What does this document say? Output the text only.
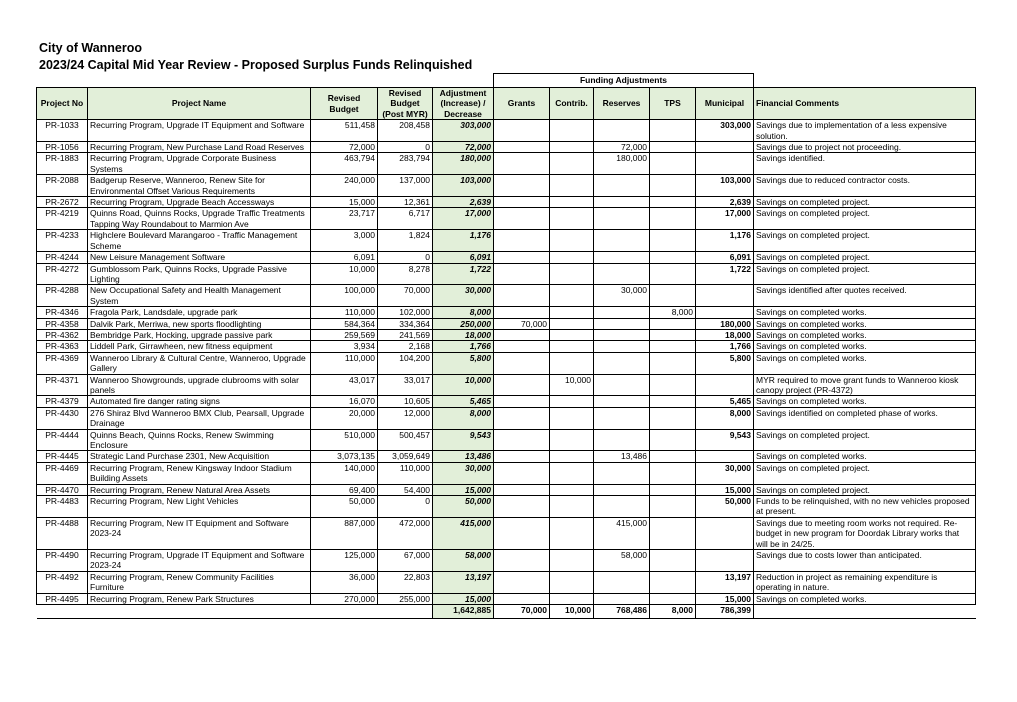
City of Wanneroo
2023/24 Capital Mid Year Review - Proposed Surplus Funds Relinquished
					Funding Adjustments					
Project No	Project Name	Revised Budget	Revised Budget (Post MYR)	Adjustment (Increase) / Decrease	Grants	Contrib.	Reserves	TPS	Municipal	Financial Comments
PR-1033	Recurring Program, Upgrade IT Equipment and Software	511,458	208,458	303,000					303,000	Savings due to implementation of a less expensive solution.
PR-1056	Recurring Program, New Purchase Land Road Reserves	72,000	0	72,000			72,000			Savings due to project not proceeding.
PR-1883	Recurring Program, Upgrade Corporate Business Systems	463,794	283,794	180,000			180,000			Savings identified.
PR-2088	Badgerup Reserve, Wanneroo, Renew Site for Environmental Offset Various Requirements	240,000	137,000	103,000					103,000	Savings due to reduced contractor costs.
PR-2672	Recurring Program, Upgrade Beach Accessways	15,000	12,361	2,639					2,639	Savings on completed project.
PR-4219	Quinns Road, Quinns Rocks, Upgrade Traffic Treatments Tapping Way Roundabout to Marmion Ave	23,717	6,717	17,000					17,000	Savings on completed project.
PR-4233	Highclere Boulevard Marangaroo - Traffic Management Scheme	3,000	1,824	1,176					1,176	Savings on completed project.
PR-4244	New Leisure Management Software	6,091	0	6,091					6,091	Savings on completed project.
PR-4272	Gumblossom Park, Quinns Rocks, Upgrade Passive Lighting	10,000	8,278	1,722					1,722	Savings on completed project.
PR-4288	New Occupational Safety and Health Management System	100,000	70,000	30,000			30,000			Savings identified after quotes received.
PR-4346	Fragola Park, Landsdale, upgrade park	110,000	102,000	8,000				8,000		Savings on completed works.
PR-4358	Dalvik Park, Merriwa, new sports floodlighting	584,364	334,364	250,000	70,000				180,000	Savings on completed works.
PR-4362	Bembridge Park, Hocking, upgrade passive park	259,569	241,569	18,000					18,000	Savings on completed works.
PR-4363	Liddell Park, Girrawheen, new fitness equipment	3,934	2,168	1,766					1,766	Savings on completed works.
PR-4369	Wanneroo Library & Cultural Centre, Wanneroo, Upgrade Gallery	110,000	104,200	5,800					5,800	Savings on completed works.
PR-4371	Wanneroo Showgrounds, upgrade clubrooms with solar panels	43,017	33,017	10,000		10,000				MYR required to move grant funds to Wanneroo kiosk canopy project (PR-4372)
PR-4379	Automated fire danger rating signs	16,070	10,605	5,465					5,465	Savings on completed works.
PR-4430	276 Shiraz Blvd Wanneroo BMX Club, Pearsall, Upgrade Drainage	20,000	12,000	8,000					8,000	Savings identified on completed phase of works.
PR-4444	Quinns Beach, Quinns Rocks, Renew Swimming Enclosure	510,000	500,457	9,543					9,543	Savings on completed project.
PR-4445	Strategic Land Purchase 2301, New Acquisition	3,073,135	3,059,649	13,486			13,486			Savings on completed works.
PR-4469	Recurring Program, Renew Kingsway Indoor Stadium Building Assets	140,000	110,000	30,000					30,000	Savings on completed project.
PR-4470	Recurring Program, Renew Natural Area Assets	69,400	54,400	15,000					15,000	Savings on completed project.
PR-4483	Recurring Program, New Light Vehicles	50,000	0	50,000					50,000	Funds to be relinquished, with no new vehicles proposed at present.
PR-4488	Recurring Program, New IT Equipment and Software 2023-24	887,000	472,000	415,000			415,000			Savings due to meeting room works not required. Re-budget in new program for Doordak Library works that will be in 24/25.
PR-4490	Recurring Program, Upgrade IT Equipment and Software 2023-24	125,000	67,000	58,000			58,000			Savings due to costs lower than anticipated.
PR-4492	Recurring Program, Renew Community Facilities Furniture	36,000	22,803	13,197					13,197	Reduction in project as remaining expenditure is operating in nature.
PR-4495	Recurring Program, Renew Park Structures	270,000	255,000	15,000					15,000	Savings on completed works.
				1,642,885	70,000	10,000	768,486	8,000	786,399	
